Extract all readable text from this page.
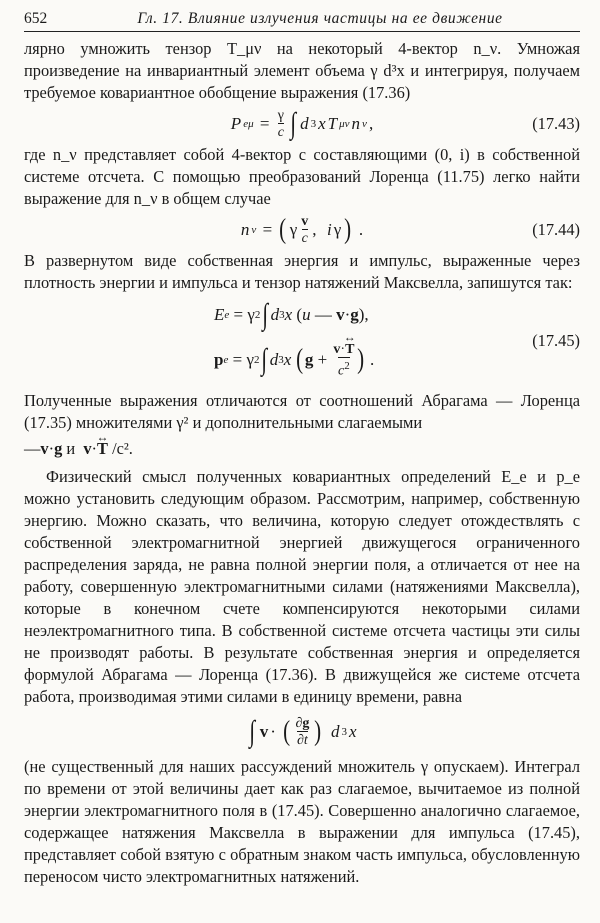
652	Гл. 17. Влияние излучения частицы на ее движение

лярно умножить тензор T_μν на некоторый 4-вектор n_ν. Умножая произведение на инвариантный элемент объема γ d³x и интегрируя, получаем требуемое ковариантное обобщение выражения (17.36)

P $e\mu = \frac{\gamma}{c}$ ∫ d 3 x T μν n ν ,	(17.43)

где n_ν представляет собой 4-вектор с составляющими (0, i) в собственной системе отсчета. С помощью преобразований Лоренца (11.75) легко найти выражение для n_ν в общем случае

n ν = ( γ $\frac{v}{c}$ , i γ ) .	(17.44)

В развернутом виде собственная энергия и импульс, выраженные через плотность энергии и импульса и тензор натяжений Максвелла, запишутся так:

E e = γ 2 ∫ d 3 x ( u — v · g ),
p e = γ 2 ∫ d 3 x
( $g + \frac{v\cdot\leftrightarrow T}{c^2}$ ) .
(17.45)

Полученные выражения отличаются от соотношений Абрагама — Лоренца (17.35) множителями γ² и дополнительными слагаемыми

—v·g и  v·↔ T /c².

Физический смысл полученных ковариантных определений E_e и p_e можно установить следующим образом. Рассмотрим, например, собственную энергию. Можно сказать, что величина, которую следует отождествлять с собственной электромагнитной энергией движущегося ограниченного распределения заряда, не равна полной энергии поля, а отличается от нее на работу, совершенную электромагнитными силами (натяжениями Максвелла), которые в конечном счете компенсируются некоторыми силами неэлектромагнитного типа. В собственной системе отсчета частицы эти силы не производят работы. В результате собственная энергия и определяется формулой Абрагама — Лоренца (17.36). В движущейся же системе отсчета работа, производимая этими силами в единицу времени, равна

∫ v · ( $\frac{\partial g}{\partial t}$ )
d 3 x

(не существенный для наших рассуждений множитель γ опускаем). Интеграл по времени от этой величины дает как раз слагаемое, вычитаемое из полной энергии электромагнитного поля в (17.45). Совершенно аналогично слагаемое, содержащее натяжения Максвелла в выражении для импульса (17.45), представляет собой взятую с обратным знаком часть импульса, обусловленную переносом чисто электромагнитных натяжений.
